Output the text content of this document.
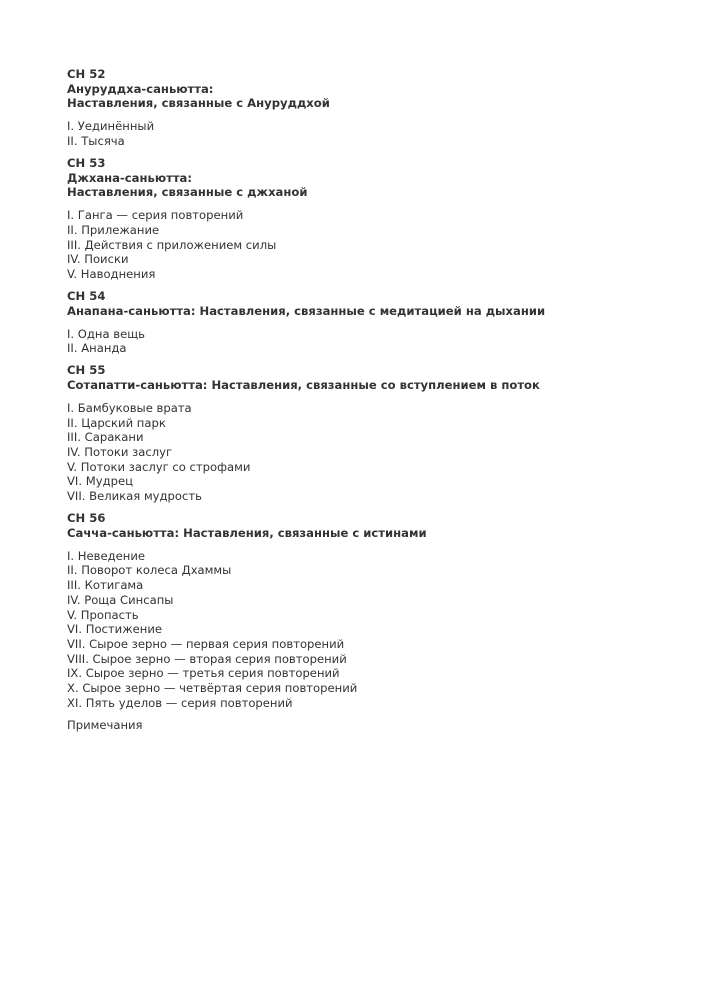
CH 52
Ануруддха-саньютта:
Наставления, связанные с Ануруддхой
I. Уединённый
II. Тысяча
CH 53
Джхана-саньютта:
Наставления, связанные с джханой
I. Ганга — серия повторений
II. Прилежание
III. Действия с приложением силы
IV. Поиски
V. Наводнения
CH 54
Анапана-саньютта: Наставления, связанные с медитацией на дыхании
I. Одна вещь
II. Ананда
CH 55
Сотапатти-саньютта: Наставления, связанные со вступлением в поток
I. Бамбуковые врата
II. Царский парк
III. Саракани
IV. Потоки заслуг
V. Потоки заслуг со строфами
VI. Мудрец
VII. Великая мудрость
CH 56
Сачча-саньютта: Наставления, связанные с истинами
I. Неведение
II. Поворот колеса Дхаммы
III. Котигама
IV. Роща Синсапы
V. Пропасть
VI. Постижение
VII. Сырое зерно — первая серия повторений
VIII. Сырое зерно — вторая серия повторений
IX. Сырое зерно — третья серия повторений
X. Сырое зерно — четвёртая серия повторений
XI. Пять уделов — серия повторений
Примечания
